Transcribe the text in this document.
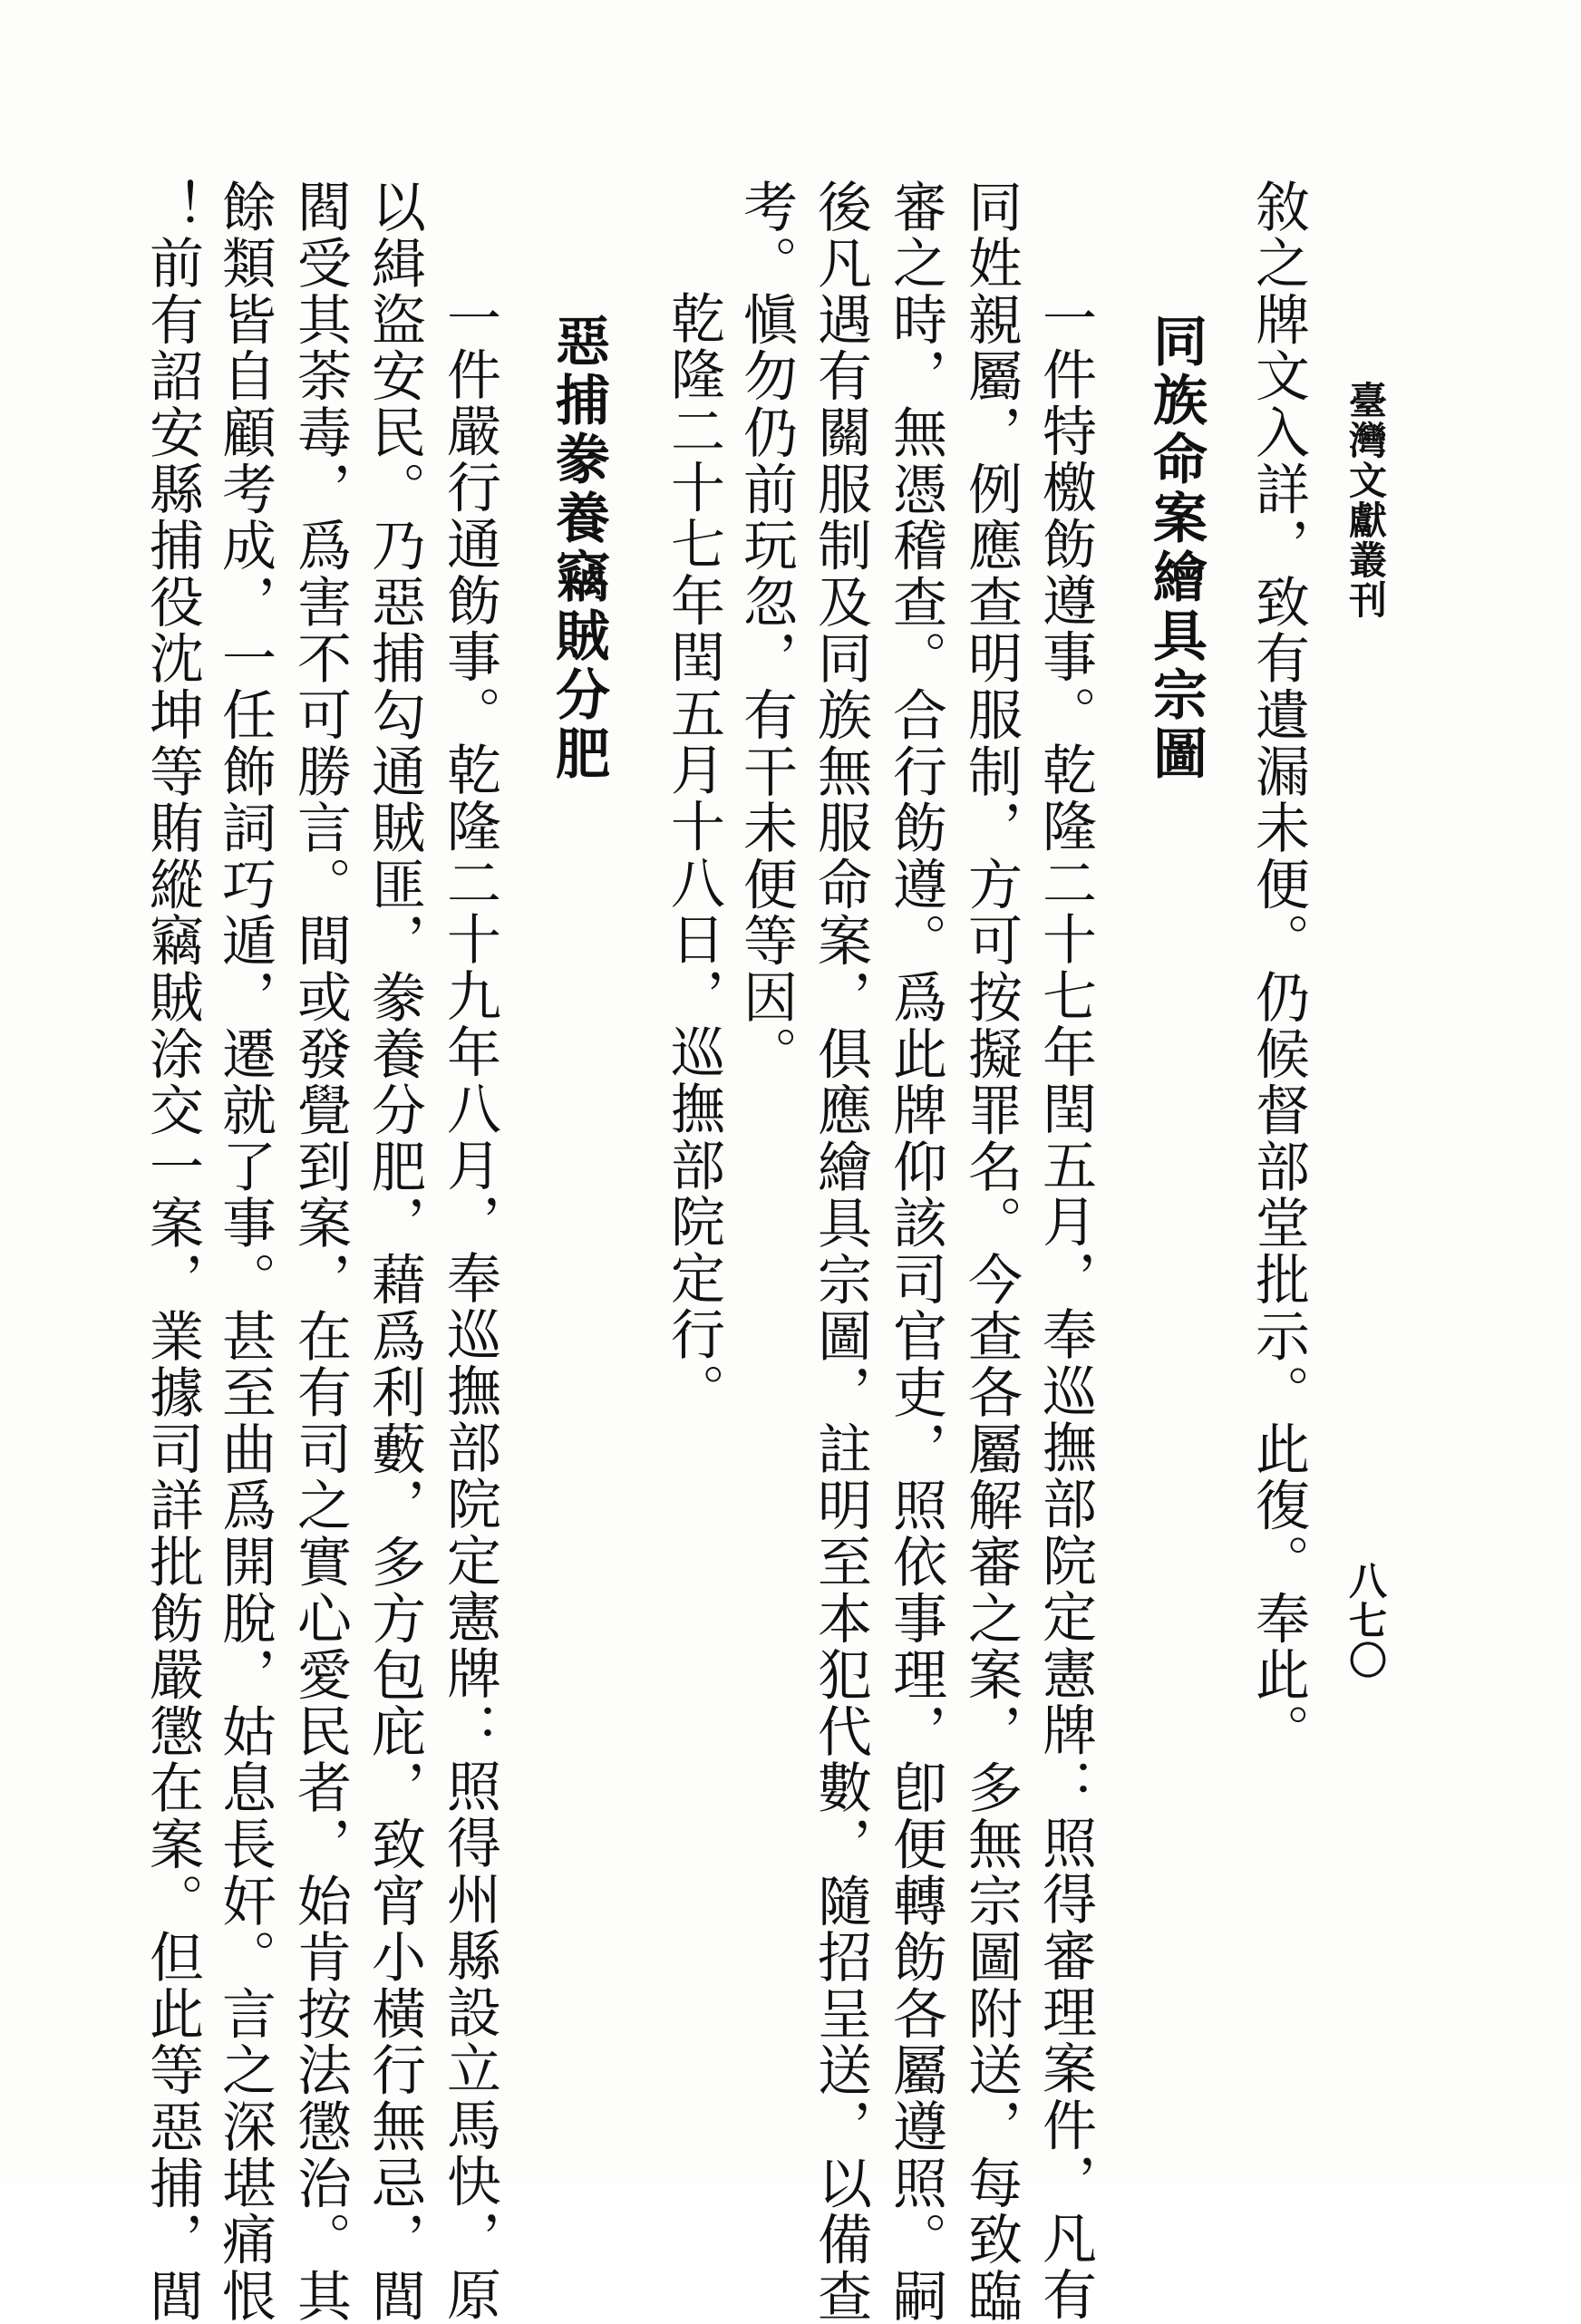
臺灣文獻叢刊
八七〇
敘之牌文入詳，致有遺漏未便。仍候督部堂批示。此復。奉此。
同族命案繪具宗圖
一件特檄飭遵事。乾隆二十七年閏五月，奉巡撫部院定憲牌：照得審理案件，凡有
同姓親屬，例應查明服制，方可按擬罪名。今查各屬解審之案，多無宗圖附送，每致臨
審之時，無憑稽查。合行飭遵。爲此牌仰該司官吏，照依事理，卽便轉飭各屬遵照。嗣
後凡遇有關服制及同族無服命案，俱應繪具宗圖，註明至本犯代數，隨招呈送，以備查
考。愼勿仍前玩忽，有干未便等因。
乾隆二十七年閏五月十八日，巡撫部院定行。
惡捕豢養竊賊分肥
一件嚴行通飭事。乾隆二十九年八月，奉巡撫部院定憲牌：照得州縣設立馬快，原
以緝盜安民。乃惡捕勾通賊匪，豢養分肥，藉爲利藪，多方包庇，致宵小橫行無忌，閭
閻受其荼毒，爲害不可勝言。間或發覺到案，在有司之實心愛民者，始肯按法懲治。其
餘類皆自顧考成，一任飾詞巧遁，遷就了事。甚至曲爲開脫，姑息長奸。言之深堪痛恨
！前有詔安縣捕役沈坤等賄縱竊賊涂交一案，業據司詳批飭嚴懲在案。但此等惡捕，閭
